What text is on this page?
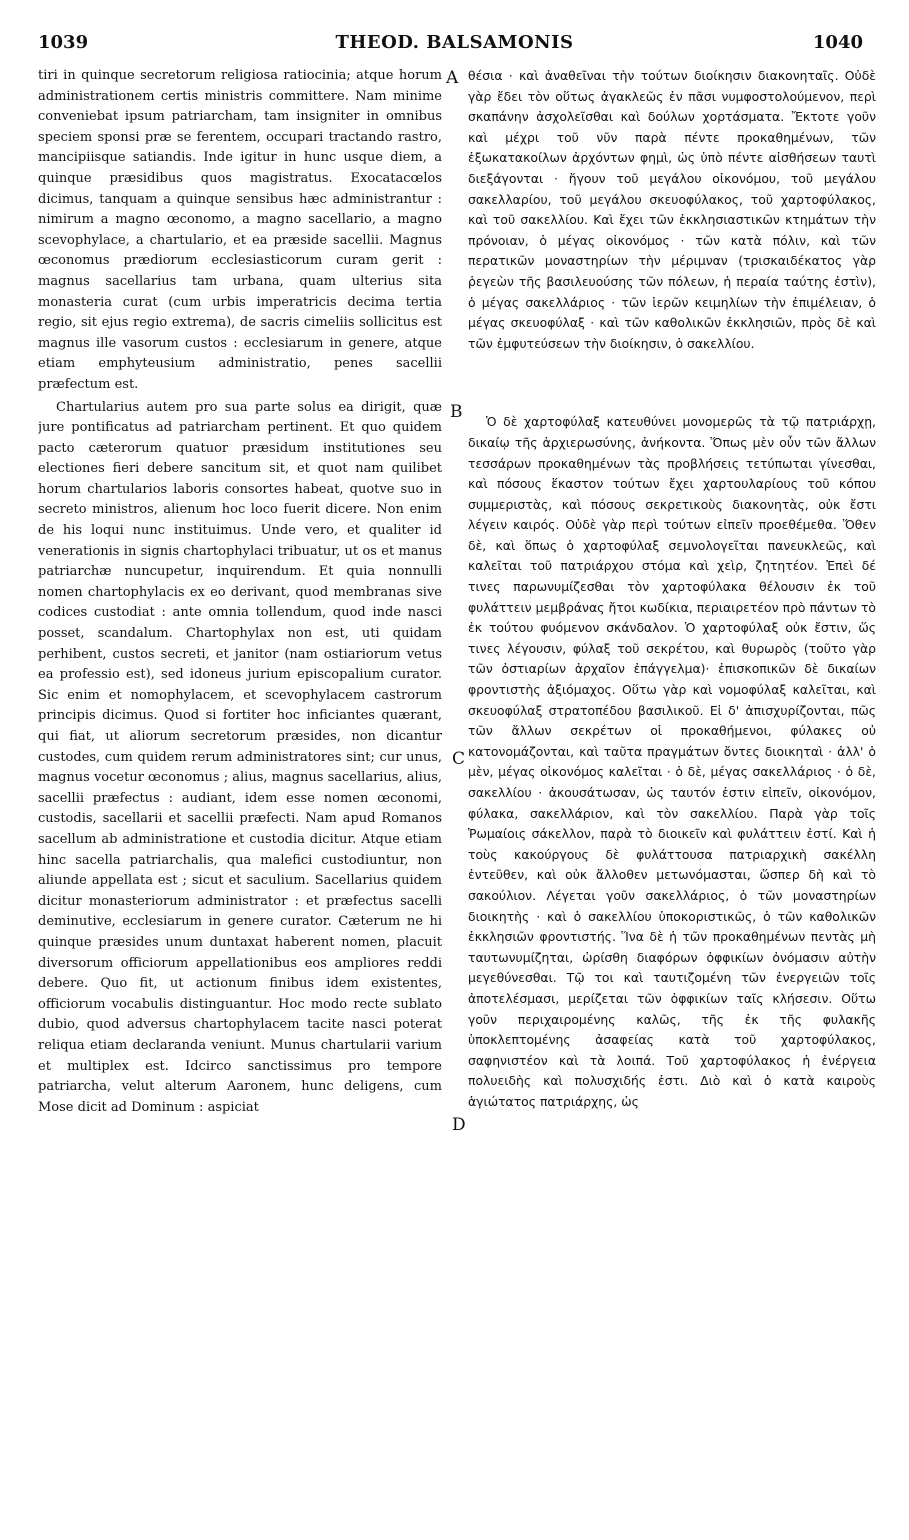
1039	THEOD. BALSAMONIS	1040

tiri in quinque secretorum religiosa ratiocinia; atque horum administrationem certis ministris committere. Nam minime conveniebat ipsum patriarcham, tam insigniter in omnibus speciem sponsi præ se ferentem, occupari tractando rastro, mancipiisque satiandis. Inde igitur in hunc usque diem, a quinque præsidibus quos magistratus. Exocatacœlos dicimus, tanquam a quinque sensibus hæc administrantur : nimirum a magno œconomo, a magno sacellario, a magno scevophylace, a chartulario, et ea præside sacellii. Magnus œconomus prædiorum ecclesiasticorum curam gerit : magnus sacellarius tam urbana, quam ulterius sita monasteria curat (cum urbis imperatricis decima tertia regio, sit ejus regio extrema), de sacris cimeliis sollicitus est magnus ille vasorum custos : ecclesiarum in genere, atque etiam emphyteusium administratio, penes sacellii præfectum est.

Chartularius autem pro sua parte solus ea dirigit, quæ jure pontificatus ad patriarcham pertinent. Et quo quidem pacto cæterorum quatuor præsidum institutiones seu electiones fieri debere sancitum sit, et quot nam quilibet horum chartularios laboris consortes habeat, quotve suo in secreto ministros, alienum hoc loco fuerit dicere. Non enim de his loqui nunc instituimus. Unde vero, et qualiter id venerationis in signis chartophylaci tribuatur, ut os et manus patriarchæ nuncupetur, inquirendum. Et quia nonnulli nomen chartophylacis ex eo derivant, quod membranas sive codices custodiat : ante omnia tollendum, quod inde nasci posset, scandalum. Chartophylax non est, uti quidam perhibent, custos secreti, et janitor (nam ostiariorum vetus ea professio est), sed idoneus jurium episcopalium curator. Sic enim et nomophylacem, et scevophylacem castrorum principis dicimus. Quod si fortiter hoc inficiantes quærant, qui fiat, ut aliorum secretorum præsides, non dicantur custodes, cum quidem rerum administratores sint; cur unus, magnus vocetur œconomus ; alius, magnus sacellarius, alius, sacellii præfectus : audiant, idem esse nomen œconomi, custodis, sacellarii et sacellii præfecti. Nam apud Romanos sacellum ab administratione et custodia dicitur. Atque etiam hinc sacella patriarchalis, qua malefici custodiuntur, non aliunde appellata est ; sicut et saculium. Sacellarius quidem dicitur monasteriorum administrator : et præfectus sacelli deminutive, ecclesiarum in genere curator. Cæterum ne hi quinque præsides unum duntaxat haberent nomen, placuit diversorum officiorum appellationibus eos ampliores reddi debere. Quo fit, ut actionum finibus idem existentes, officiorum vocabulis distinguantur. Hoc modo recte sublato dubio, quod adversus chartophylacem tacite nasci poterat reliqua etiam declaranda veniunt. Munus chartularii varium et multiplex est. Idcirco sanctissimus pro tempore patriarcha, velut alterum Aaronem, hunc deligens, cum Mose dicit ad Dominum : aspiciat

A
B
C
D

θέσια · καὶ ἀναθεῖναι τὴν τούτων διοίκησιν διακονηταῖς. Οὐδὲ γὰρ ἔδει τὸν οὕτως ἀγακλεῶς ἐν πᾶσι νυμφοστολούμενον, περὶ σκαπάνην ἀσχολεῖσθαι καὶ δούλων χορτάσματα. Ἔκτοτε γοῦν καὶ μέχρι τοῦ νῦν παρὰ πέντε προκαθημένων, τῶν ἐξωκατακοίλων ἀρχόντων φημὶ, ὡς ὑπὸ πέντε αἰσθήσεων ταυτὶ διεξάγονται · ἤγουν τοῦ μεγάλου οἰκονόμου, τοῦ μεγάλου σακελλαρίου, τοῦ μεγάλου σκευοφύλακος, τοῦ χαρτοφύλακος, καὶ τοῦ σακελλίου. Καὶ ἔχει τῶν ἐκκλησιαστικῶν κτημάτων τὴν πρόνοιαν, ὁ μέγας οἰκονόμος · τῶν κατὰ πόλιν, καὶ τῶν περατικῶν μοναστηρίων τὴν μέριμναν (τρισκαιδέκατος γὰρ ῥεγεὼν τῆς βασιλευούσης τῶν πόλεων, ἡ περαία ταύτης ἐστὶν), ὁ μέγας σακελλάριος · τῶν ἱερῶν κειμηλίων τὴν ἐπιμέλειαν, ὁ μέγας σκευοφύλαξ · καὶ τῶν καθολικῶν ἐκκλησιῶν, πρὸς δὲ καὶ τῶν ἐμφυτεύσεων τὴν διοίκησιν, ὁ σακελλίου.

Ὁ δὲ χαρτοφύλαξ κατευθύνει μονομερῶς τὰ τῷ πατριάρχῃ, δικαίῳ τῆς ἀρχιερωσύνης, ἀνήκοντα. Ὅπως μὲν οὖν τῶν ἄλλων τεσσάρων προκαθημένων τὰς προβλήσεις τετύπωται γίνεσθαι, καὶ πόσους ἕκαστον τούτων ἔχει χαρτουλαρίους τοῦ κόπου συμμεριστὰς, καὶ πόσους σεκρετικοὺς διακονητὰς, οὐκ ἔστι λέγειν καιρός. Οὐδὲ γὰρ περὶ τούτων εἰπεῖν προεθέμεθα. Ὅθεν δὲ, καὶ ὅπως ὁ χαρτοφύλαξ σεμνολογεῖται πανευκλεῶς, καὶ καλεῖται τοῦ πατριάρχου στόμα καὶ χεὶρ, ζητητέον. Ἐπεὶ δέ τινες παρωνυμίζεσθαι τὸν χαρτοφύλακα θέλουσιν ἐκ τοῦ φυλάττειν μεμβράνας ἤτοι κωδίκια, περιαιρετέον πρὸ πάντων τὸ ἐκ τούτου φυόμενον σκάνδαλον. Ὁ χαρτοφύλαξ οὐκ ἔστιν, ὥς τινες λέγουσιν, φύλαξ τοῦ σεκρέτου, καὶ θυρωρὸς (τοῦτο γὰρ τῶν ὀστιαρίων ἀρχαῖον ἐπάγγελμα)· ἐπισκοπικῶν δὲ δικαίων φροντιστὴς ἀξιόμαχος. Οὕτω γὰρ καὶ νομοφύλαξ καλεῖται, καὶ σκευοφύλαξ στρατοπέδου βασιλικοῦ. Εἰ δ' ἀπισχυρίζονται, πῶς τῶν ἄλλων σεκρέτων οἱ προκαθήμενοι, φύλακες οὐ κατονομάζονται, καὶ ταῦτα πραγμάτων ὄντες διοικηταὶ · ἀλλ' ὁ μὲν, μέγας οἰκονόμος καλεῖται · ὁ δὲ, μέγας σακελλάριος · ὁ δὲ, σακελλίου · ἀκουσάτωσαν, ὡς ταυτόν ἐστιν εἰπεῖν, οἰκονόμον, φύλακα, σακελλάριον, καὶ τὸν σακελλίου. Παρὰ γὰρ τοῖς Ῥωμαίοις σάκελλον, παρὰ τὸ διοικεῖν καὶ φυλάττειν ἐστί. Καὶ ἡ τοὺς κακούργους δὲ φυλάττουσα πατριαρχικὴ σακέλλη ἐντεῦθεν, καὶ οὐκ ἄλλοθεν μετωνόμασται, ὥσπερ δὴ καὶ τὸ σακούλιον. Λέγεται γοῦν σακελλάριος, ὁ τῶν μοναστηρίων διοικητὴς · καὶ ὁ σακελλίου ὑποκοριστικῶς, ὁ τῶν καθολικῶν ἐκκλησιῶν φροντιστής. Ἵνα δὲ ἡ τῶν προκαθημένων πεντὰς μὴ ταυτωνυμίζηται, ὡρίσθη διαφόρων ὀφφικίων ὀνόμασιν αὐτὴν μεγεθύνεσθαι. Τῷ τοι καὶ ταυτιζομένη τῶν ἐνεργειῶν τοῖς ἀποτελέσμασι, μερίζεται τῶν ὀφφικίων ταῖς κλήσεσιν. Οὕτω γοῦν περιχαιρομένης καλῶς, τῆς ἐκ τῆς φυλακῆς ὑποκλεπτομένης ἀσαφείας κατὰ τοῦ χαρτοφύλακος, σαφηνιστέον καὶ τὰ λοιπά. Τοῦ χαρτοφύλακος ἡ ἐνέργεια πολυειδὴς καὶ πολυσχιδής ἐστι. Διὸ καὶ ὁ κατὰ καιροὺς ἁγιώτατος πατριάρχης, ὡς
